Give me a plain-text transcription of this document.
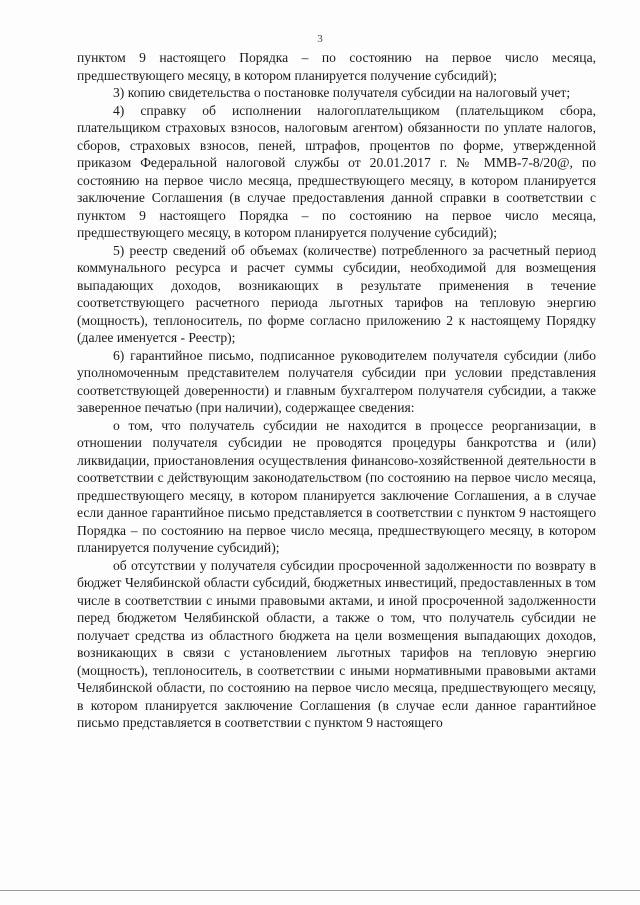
3

пунктом 9 настоящего Порядка – по состоянию на первое число месяца, предшествующего месяцу, в котором планируется получение субсидий);

3) копию свидетельства о постановке получателя субсидии на налоговый учет;

4) справку об исполнении налогоплательщиком (плательщиком сбора, плательщиком страховых взносов, налоговым агентом) обязанности по уплате налогов, сборов, страховых взносов, пеней, штрафов, процентов по форме, утвержденной приказом Федеральной налоговой службы от 20.01.2017 г. № ММВ-7-8/20@, по состоянию на первое число месяца, предшествующего месяцу, в котором планируется заключение Соглашения (в случае предоставления данной справки в соответствии с пунктом 9 настоящего Порядка – по состоянию на первое число месяца, предшествующего месяцу, в котором планируется получение субсидий);

5) реестр сведений об объемах (количестве) потребленного за расчетный период коммунального ресурса и расчет суммы субсидии, необходимой для возмещения выпадающих доходов, возникающих в результате применения в течение соответствующего расчетного периода льготных тарифов на тепловую энергию (мощность), теплоноситель, по форме согласно приложению 2 к настоящему Порядку (далее именуется - Реестр);

6) гарантийное письмо, подписанное руководителем получателя субсидии (либо уполномоченным представителем получателя субсидии при условии представления соответствующей доверенности) и главным бухгалтером получателя субсидии, а также заверенное печатью (при наличии), содержащее сведения:

о том, что получатель субсидии не находится в процессе реорганизации, в отношении получателя субсидии не проводятся процедуры банкротства и (или) ликвидации, приостановления осуществления финансово-хозяйственной деятельности в соответствии с действующим законодательством (по состоянию на первое число месяца, предшествующего месяцу, в котором планируется заключение Соглашения, а в случае если данное гарантийное письмо представляется в соответствии с пунктом 9 настоящего Порядка – по состоянию на первое число месяца, предшествующего месяцу, в котором планируется получение субсидий);

об отсутствии у получателя субсидии просроченной задолженности по возврату в бюджет Челябинской области субсидий, бюджетных инвестиций, предоставленных в том числе в соответствии с иными правовыми актами, и иной просроченной задолженности перед бюджетом Челябинской области, а также о том, что получатель субсидии не получает средства из областного бюджета на цели возмещения выпадающих доходов, возникающих в связи с установлением льготных тарифов на тепловую энергию (мощность), теплоноситель, в соответствии с иными нормативными правовыми актами Челябинской области, по состоянию на первое число месяца, предшествующего месяцу, в котором планируется заключение Соглашения (в случае если данное гарантийное письмо представляется в соответствии с пунктом 9 настоящего
